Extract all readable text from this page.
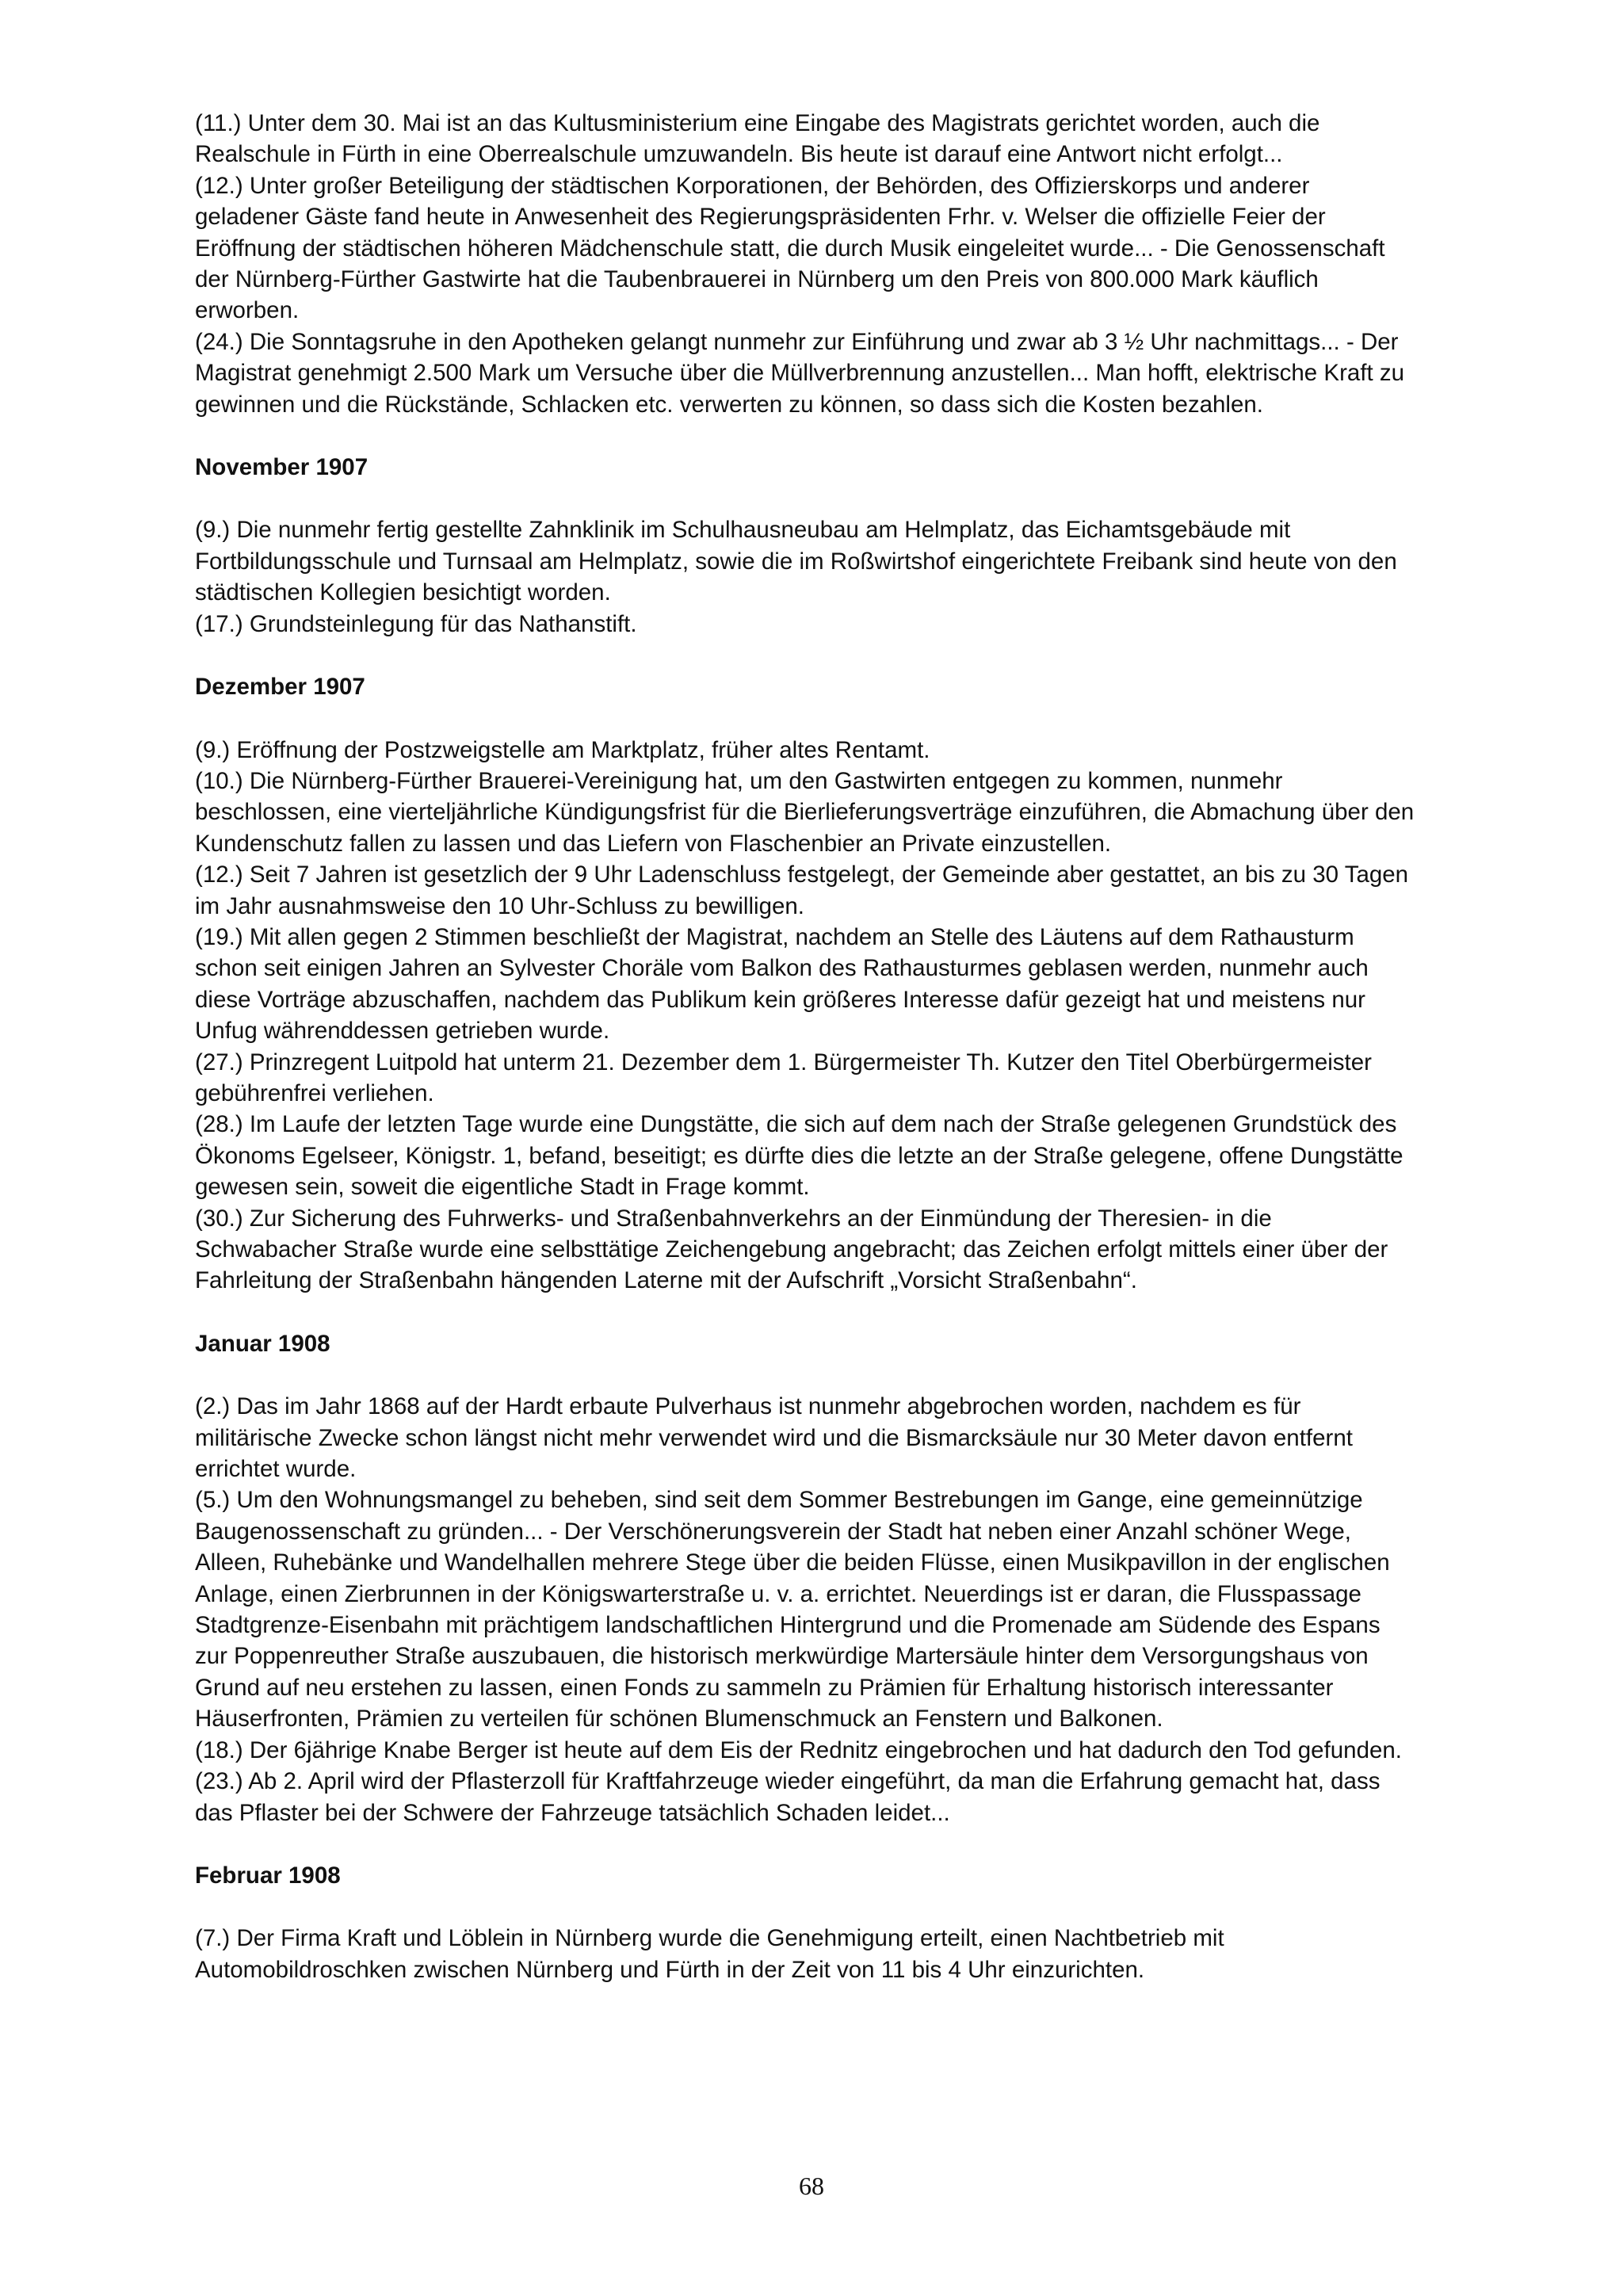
(11.) Unter dem 30. Mai ist an das Kultusministerium eine Eingabe des Magistrats gerichtet worden, auch die Realschule in Fürth in eine Oberrealschule umzuwandeln. Bis heute ist darauf eine Antwort nicht erfolgt...

(12.) Unter großer Beteiligung der städtischen Korporationen, der Behörden, des Offizierskorps und anderer geladener Gäste fand heute in Anwesenheit des Regierungspräsidenten Frhr. v. Welser die offizielle Feier der Eröffnung der städtischen höheren Mädchenschule statt, die durch Musik eingeleitet wurde... - Die Genossenschaft der Nürnberg-Fürther Gastwirte hat die Taubenbrauerei in Nürnberg um den Preis von 800.000 Mark käuflich erworben.

(24.) Die Sonntagsruhe in den Apotheken gelangt nunmehr zur Einführung und zwar ab 3 ½ Uhr nachmittags... - Der Magistrat genehmigt 2.500 Mark um Versuche über die Müllverbrennung anzustellen... Man hofft, elektrische Kraft zu gewinnen und die Rückstände, Schlacken etc. verwerten zu können, so dass sich die Kosten bezahlen.

November 1907

(9.) Die nunmehr fertig gestellte Zahnklinik im Schulhausneubau am Helmplatz, das Eichamtsgebäude mit Fortbildungsschule und Turnsaal am Helmplatz, sowie die im Roßwirtshof eingerichtete Freibank sind heute von den städtischen Kollegien besichtigt worden.

(17.) Grundsteinlegung für das Nathanstift.

Dezember 1907

(9.) Eröffnung der Postzweigstelle am Marktplatz, früher altes Rentamt.

(10.) Die Nürnberg-Fürther Brauerei-Vereinigung hat, um den Gastwirten entgegen zu kommen, nunmehr beschlossen, eine vierteljährliche Kündigungsfrist für die Bierlieferungsverträge einzuführen, die Abmachung über den Kundenschutz fallen zu lassen und das Liefern von Flaschenbier an Private einzustellen.

(12.) Seit 7 Jahren ist gesetzlich der 9 Uhr Ladenschluss festgelegt, der Gemeinde aber gestattet, an bis zu 30 Tagen im Jahr ausnahmsweise den 10 Uhr-Schluss zu bewilligen.

(19.) Mit allen gegen 2 Stimmen beschließt der Magistrat, nachdem an Stelle des Läutens auf dem Rathausturm schon seit einigen Jahren an Sylvester Choräle vom Balkon des Rathausturmes geblasen werden, nunmehr auch diese Vorträge abzuschaffen, nachdem das Publikum kein größeres Interesse dafür gezeigt hat und meistens nur Unfug währenddessen getrieben wurde.

(27.) Prinzregent Luitpold hat unterm 21. Dezember dem 1. Bürgermeister Th. Kutzer den Titel Oberbürgermeister gebührenfrei verliehen.

(28.) Im Laufe der letzten Tage wurde eine Dungstätte, die sich auf dem nach der Straße gelegenen Grundstück des Ökonoms Egelseer, Königstr. 1, befand, beseitigt; es dürfte dies die letzte an der Straße gelegene, offene Dungstätte gewesen sein, soweit die eigentliche Stadt in Frage kommt.

(30.) Zur Sicherung des Fuhrwerks- und Straßenbahnverkehrs an der Einmündung der Theresien- in die Schwabacher Straße wurde eine selbsttätige Zeichengebung angebracht; das Zeichen erfolgt mittels einer über der Fahrleitung der Straßenbahn hängenden Laterne mit der Aufschrift „Vorsicht Straßenbahn“.

Januar 1908

(2.) Das im Jahr 1868 auf der Hardt erbaute Pulverhaus ist nunmehr abgebrochen worden, nachdem es für militärische Zwecke schon längst nicht mehr verwendet wird und die Bismarcksäule nur 30 Meter davon entfernt errichtet wurde.

(5.) Um den Wohnungsmangel zu beheben, sind seit dem Sommer Bestrebungen im Gange, eine gemeinnützige Baugenossenschaft zu gründen... - Der Verschönerungsverein der Stadt hat neben einer Anzahl schöner Wege, Alleen, Ruhebänke und Wandelhallen mehrere Stege über die beiden Flüsse, einen Musikpavillon in der englischen Anlage, einen Zierbrunnen in der Königswarterstraße u. v. a. errichtet. Neuerdings ist er daran, die Flusspassage Stadtgrenze-Eisenbahn mit prächtigem landschaftlichen Hintergrund und die Promenade am Südende des Espans zur Poppenreuther Straße auszubauen, die historisch merkwürdige Martersäule hinter dem Versorgungshaus von Grund auf neu erstehen zu lassen, einen Fonds zu sammeln zu Prämien für Erhaltung historisch interessanter Häuserfronten, Prämien zu verteilen für schönen Blumenschmuck an Fenstern und Balkonen.

(18.) Der 6jährige Knabe Berger ist heute auf dem Eis der Rednitz eingebrochen und hat dadurch den Tod gefunden.

(23.) Ab 2. April wird der Pflasterzoll für Kraftfahrzeuge wieder eingeführt, da man die Erfahrung gemacht hat, dass das Pflaster bei der Schwere der Fahrzeuge tatsächlich Schaden leidet...

Februar 1908

(7.) Der Firma Kraft und Löblein in Nürnberg wurde die Genehmigung erteilt, einen Nachtbetrieb mit Automobildroschken zwischen Nürnberg und Fürth in der Zeit von 11 bis 4 Uhr einzurichten.

68
